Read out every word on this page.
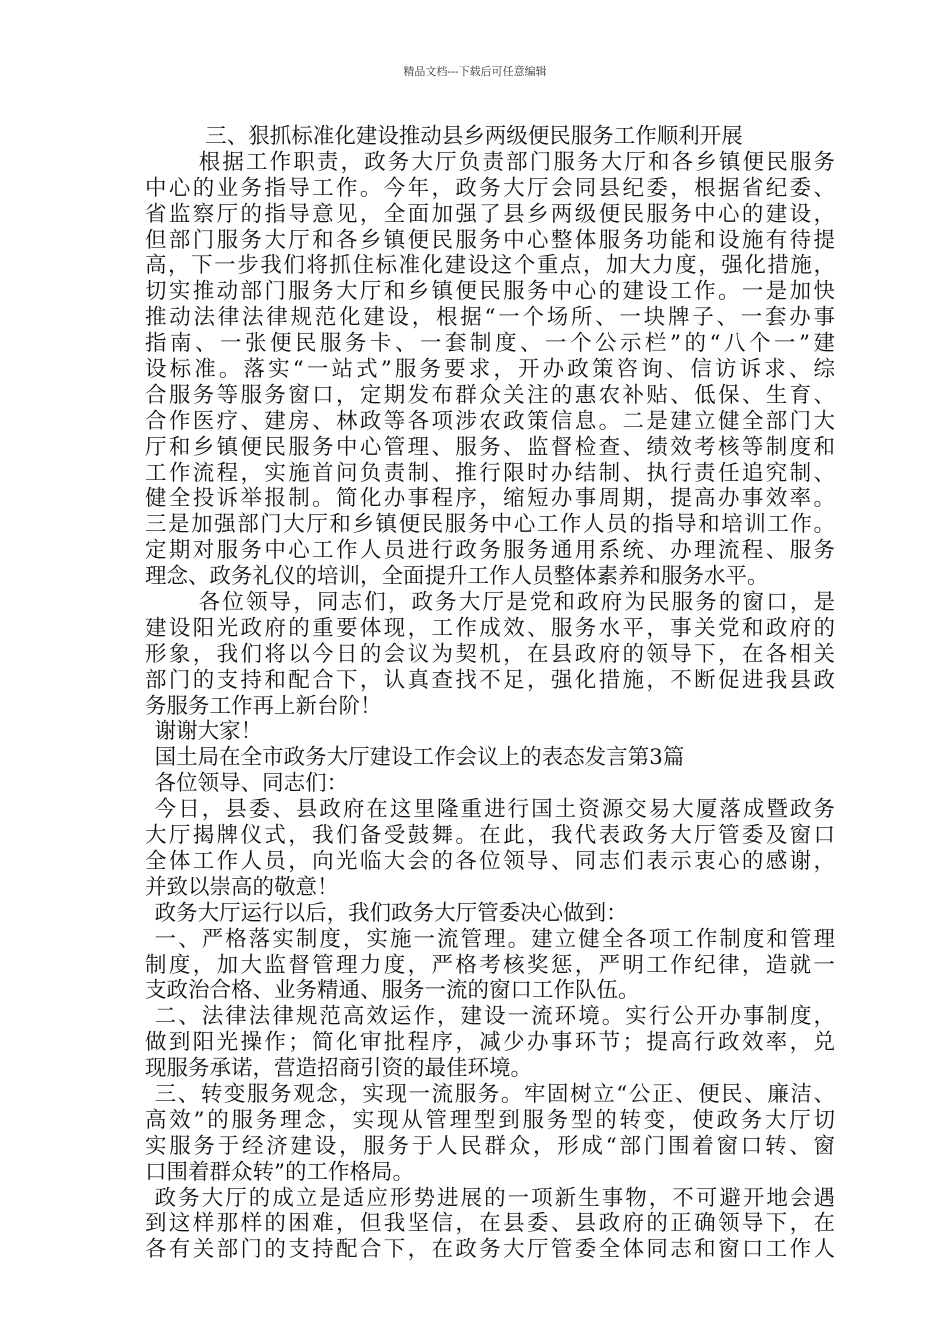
精品文档---下载后可任意编辑
三、狠抓标准化建设推动县乡两级便民服务工作顺利开展
根据工作职责，政务大厅负责部门服务大厅和各乡镇便民服务
中心的业务指导工作。今年，政务大厅会同县纪委，根据省纪委、
省监察厅的指导意见，全面加强了县乡两级便民服务中心的建设，
但部门服务大厅和各乡镇便民服务中心整体服务功能和设施有待提
高，下一步我们将抓住标准化建设这个重点，加大力度，强化措施，
切实推动部门服务大厅和乡镇便民服务中心的建设工作。一是加快
推动法律法律规范化建设，根据“一个场所、一块牌子、一套办事
指南、一张便民服务卡、一套制度、一个公示栏”的“八个一”建
设标准。落实“一站式”服务要求，开办政策咨询、信访诉求、综
合服务等服务窗口，定期发布群众关注的惠农补贴、低保、生育、
合作医疗、建房、林政等各项涉农政策信息。二是建立健全部门大
厅和乡镇便民服务中心管理、服务、监督检查、绩效考核等制度和
工作流程，实施首问负责制、推行限时办结制、执行责任追究制、
健全投诉举报制。简化办事程序，缩短办事周期，提高办事效率。
三是加强部门大厅和乡镇便民服务中心工作人员的指导和培训工作。
定期对服务中心工作人员进行政务服务通用系统、办理流程、服务
理念、政务礼仪的培训，全面提升工作人员整体素养和服务水平。
各位领导，同志们，政务大厅是党和政府为民服务的窗口，是
建设阳光政府的重要体现，工作成效、服务水平，事关党和政府的
形象，我们将以今日的会议为契机，在县政府的领导下，在各相关
部门的支持和配合下，认真查找不足，强化措施，不断促进我县政
务服务工作再上新台阶！
谢谢大家！
国土局在全市政务大厅建设工作会议上的表态发言第3篇
各位领导、同志们：
今日，县委、县政府在这里隆重进行国土资源交易大厦落成暨政务
大厅揭牌仪式，我们备受鼓舞。在此，我代表政务大厅管委及窗口
全体工作人员，向光临大会的各位领导、同志们表示衷心的感谢，
并致以崇高的敬意！
政务大厅运行以后，我们政务大厅管委决心做到：
一、严格落实制度，实施一流管理。建立健全各项工作制度和管理
制度，加大监督管理力度，严格考核奖惩，严明工作纪律，造就一
支政治合格、业务精通、服务一流的窗口工作队伍。
二、法律法律规范高效运作，建设一流环境。实行公开办事制度，
做到阳光操作；简化审批程序，减少办事环节；提高行政效率，兑
现服务承诺，营造招商引资的最佳环境。
三、转变服务观念，实现一流服务。牢固树立“公正、便民、廉洁、
高效”的服务理念，实现从管理型到服务型的转变，使政务大厅切
实服务于经济建设，服务于人民群众，形成“部门围着窗口转、窗
口围着群众转”的工作格局。
政务大厅的成立是适应形势进展的一项新生事物，不可避开地会遇
到这样那样的困难，但我坚信，在县委、县政府的正确领导下，在
各有关部门的支持配合下，在政务大厅管委全体同志和窗口工作人
